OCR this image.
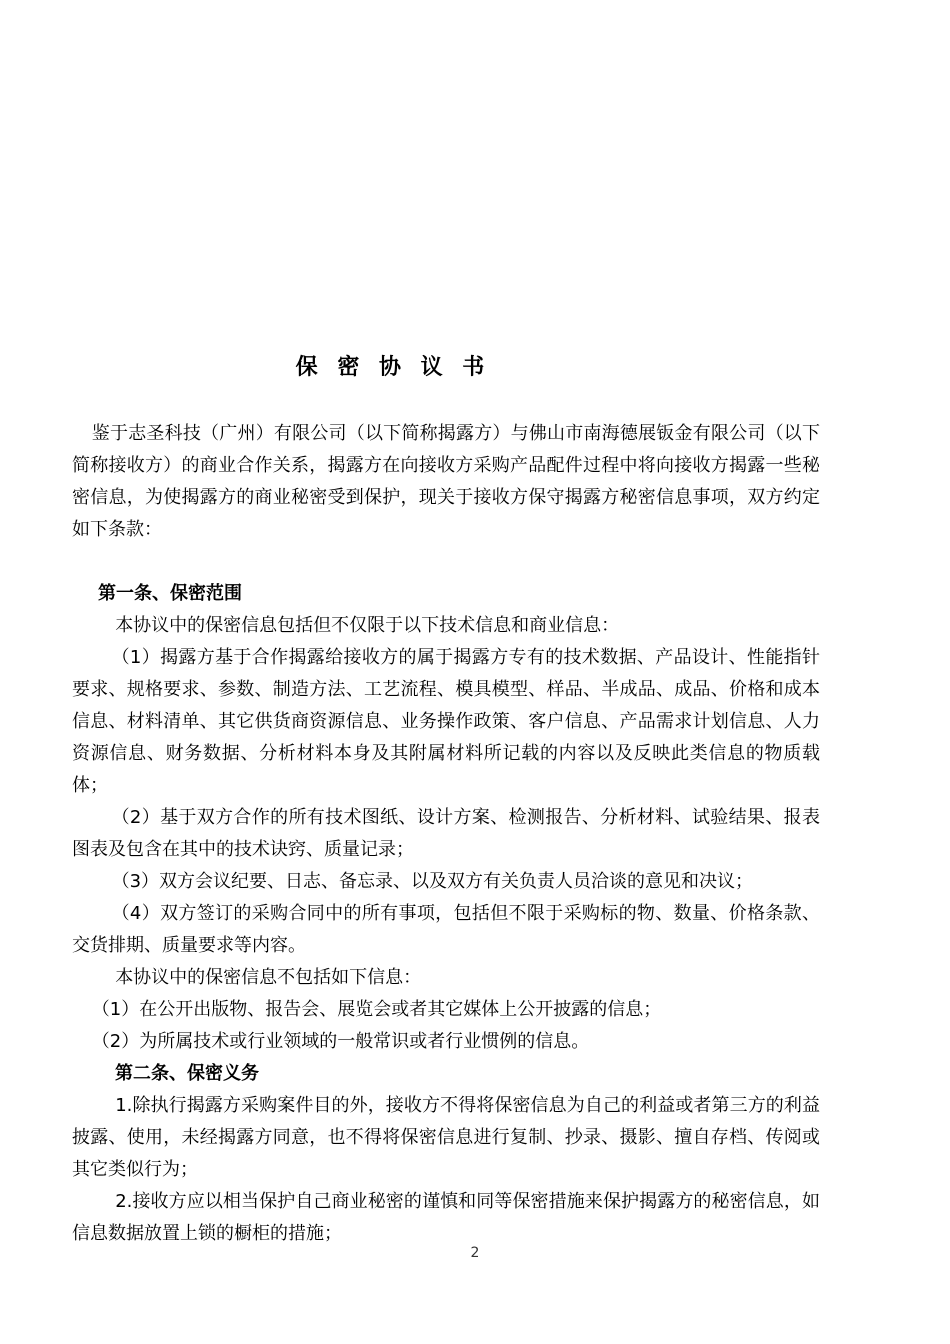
保 密 协 议 书

鉴于志圣科技（广州）有限公司（以下简称揭露方）与佛山市南海德展钣金有限公司（以下简称接收方）的商业合作关系，揭露方在向接收方采购产品配件过程中将向接收方揭露一些秘密信息，为使揭露方的商业秘密受到保护，现关于接收方保守揭露方秘密信息事项，双方约定如下条款：

第一条、保密范围

本协议中的保密信息包括但不仅限于以下技术信息和商业信息：

（1）揭露方基于合作揭露给接收方的属于揭露方专有的技术数据、产品设计、性能指针要求、规格要求、参数、制造方法、工艺流程、模具模型、样品、半成品、成品、价格和成本信息、材料清单、其它供货商资源信息、业务操作政策、客户信息、产品需求计划信息、人力资源信息、财务数据、分析材料本身及其附属材料所记载的内容以及反映此类信息的物质载体；

（2）基于双方合作的所有技术图纸、设计方案、检测报告、分析材料、试验结果、报表图表及包含在其中的技术诀窍、质量记录；

（3）双方会议纪要、日志、备忘录、以及双方有关负责人员洽谈的意见和决议；

（4）双方签订的采购合同中的所有事项，包括但不限于采购标的物、数量、价格条款、交货排期、质量要求等内容。

本协议中的保密信息不包括如下信息：

（1）在公开出版物、报告会、展览会或者其它媒体上公开披露的信息；

（2）为所属技术或行业领域的一般常识或者行业惯例的信息。

第二条、保密义务

1.除执行揭露方采购案件目的外，接收方不得将保密信息为自己的利益或者第三方的利益披露、使用，未经揭露方同意，也不得将保密信息进行复制、抄录、摄影、擅自存档、传阅或其它类似行为；

2.接收方应以相当保护自己商业秘密的谨慎和同等保密措施来保护揭露方的秘密信息，如信息数据放置上锁的橱柜的措施；

2
